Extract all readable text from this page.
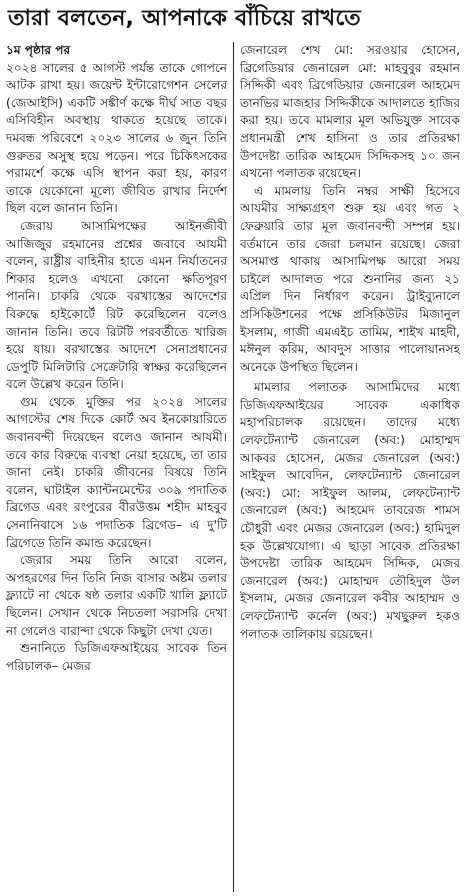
তারা বলতেন, আপনাকে বাঁচিয়ে রাখতে

১ম পৃষ্ঠার পর

২০২৪ সালের ৫ আগস্ট পর্যন্ত তাকে গোপনে আটক রাখা হয়। জয়েন্ট ইন্টারোগেশন সেলের (জেআইসি) একটি সঙ্কীর্ণ কক্ষে দীর্ঘ সাত বছর এসিবিহীন অবস্থায় থাকতে হয়েছে তাকে। দমবন্ধ পরিবেশে ২০২৩ সালের ৬ জুন তিনি গুরুতর অসুস্থ হয়ে পড়েন। পরে চিকিৎসকের পরামর্শে কক্ষে এসি স্থাপন করা হয়, কারণ তাকে যেকোনো মূল্যে জীবিত রাখার নির্দেশ ছিল বলে জানান তিনি।

জেরায় আসামিপক্ষের আইনজীবী আজিজুর রহমানের প্রশ্নের জবাবে আযমী বলেন, রাষ্ট্রীয় বাহিনীর হাতে এমন নির্যাতনের শিকার হলেও এখনো কোনো ক্ষতিপূরণ পাননি। চাকরি থেকে বরখাস্তের আদেশের বিরুদ্ধে হাইকোর্টে রিট করেছিলেন বলেও জানান তিনি। তবে রিটটি পরবর্তীতে খারিজ হয়ে যায়। বরখাস্তের আদেশে সেনাপ্রধানের ডেপুটি মিলিটারি সেক্রেটারি স্বাক্ষর করেছিলেন বলে উল্লেখ করেন তিনি।

গুম থেকে মুক্তির পর ২০২৪ সালের আগস্টের শেষ দিকে কোর্ট অব ইনকোয়ারিতে জবানবন্দী দিয়েছেন বলেও জানান আযমী। তবে কার বিরুদ্ধে ব্যবস্থা নেয়া হয়েছে, তা তার জানা নেই। চাকরি জীবনের বিষয়ে তিনি বলেন, ঘাটাইল ক্যান্টনমেন্টের ৩০৯ পদাতিক ব্রিগেড এবং রংপুরের বীরউত্তম শহীদ মাহবুব সেনানিবাসে ১৬ পদাতিক ব্রিগেড– এ দু'টি ব্রিগেডে তিনি কমান্ড করেছেন।

জেরার সময় তিনি আরো বলেন, অপহরণের দিন তিনি নিজ বাসার অষ্টম তলার ফ্ল্যাটে না থেকে ষষ্ঠ তলার একটি খালি ফ্ল্যাটে ছিলেন। সেখান থেকে নিচতলা সরাসরি দেখা না গেলেও বারান্দা থেকে কিছুটা দেখা যেত।

শুনানিতে ডিজিএফআইয়ের সাবেক তিন পরিচালক– মেজর

জেনারেল শেখ মো: সরওয়ার হোসেন, ব্রিগেডিয়ার জেনারেল মো: মাহবুবুর রহমান সিদ্দিকী এবং ব্রিগেডিয়ার জেনারেল আহমেদ তানভির মাজহার সিদ্দিকীকে আদালতে হাজির করা হয়। তবে মামলার মূল অভিযুক্ত সাবেক প্রধানমন্ত্রী শেখ হাসিনা ও তার প্রতিরক্ষা উপদেষ্টা তারিক আহমেদ সিদ্দিকসহ ১০ জন এখনো পলাতক রয়েছেন।

এ মামলায় তিনি নম্বর সাক্ষী হিসেবে আযমীর সাক্ষ্যগ্রহণ শুরু হয় এবং গত ২ ফেব্রুয়ারি তার মূল জবানবন্দী সম্পন্ন হয়। বর্তমানে তার জেরা চলমান রয়েছে। জেরা অসমাপ্ত থাকায় আসামিপক্ষ আরো সময় চাইলে আদালত পরে শুনানির জন্য ২১ এপ্রিল দিন নির্ধারণ করেন। ট্রাইব্যুনালে প্রসিকিউশনের পক্ষে প্রসিকিউটর মিজানুল ইসলাম, গাজী এমএইচ তামিম, শাইখ মাহদী, মঈনুল করিম, আবদুস সাত্তার পালোয়ানসহ অনেকে উপস্থিত ছিলেন।

মামলার পলাতক আসামিদের মধ্যে ডিজিএফআইয়ের সাবেক একাধিক মহাপরিচালক রয়েছেন। তাদের মধ্যে লেফটেন্যান্ট জেনারেল (অব:) মোহাম্মদ আকবর হোসেন, মেজর জেনারেল (অব:) সাইফুল আবেদিন, লেফটেন্যান্ট জেনারেল (অব:) মো: সাইফুল আলম, লেফটেন্যান্ট জেনারেল (অব:) আহমেদ তাবরেজ শামস চৌধুরী এবং মেজর জেনারেল (অব:) হামিদুল হক উল্লেখযোগ্য। এ ছাড়া সাবেক প্রতিরক্ষা উপদেষ্টা তারিক আহমেদ সিদ্দিক, মেজর জেনারেল (অব:) মোহাম্মদ তৌহিদুল উল ইসলাম, মেজর জেনারেল কবীর আহাম্মদ ও লেফটেন্যান্ট কর্নেল (অব:) মখছুরুল হকও পলাতক তালিকায় রয়েছেন।
